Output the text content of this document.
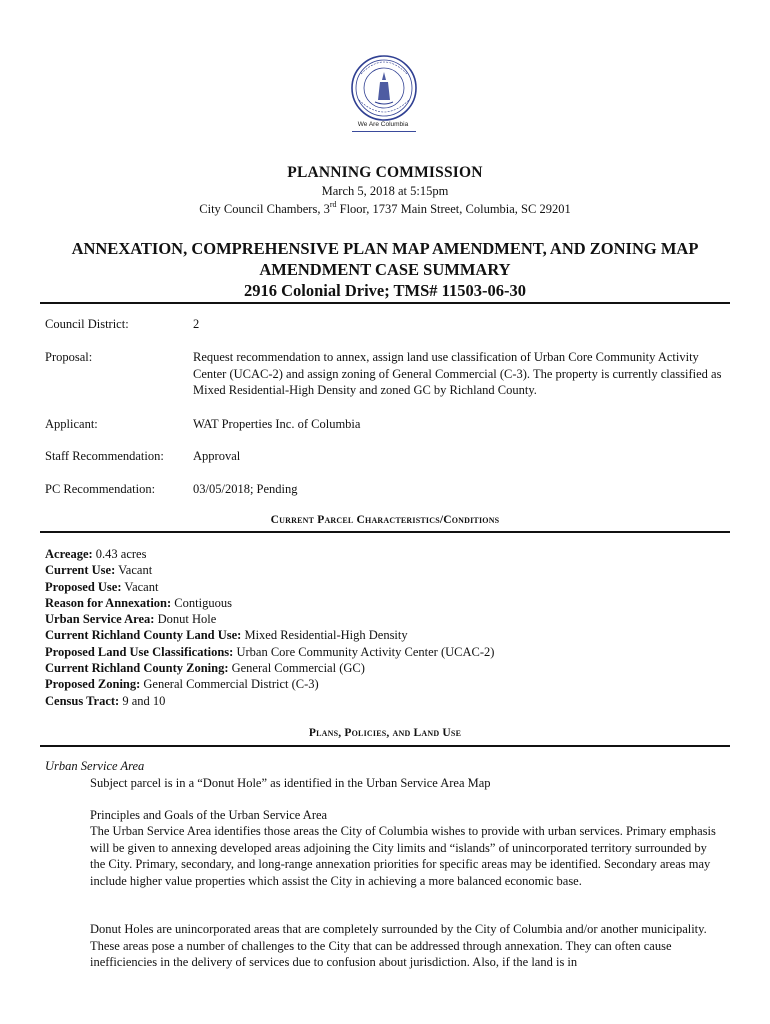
We Are Columbia
PLANNING COMMISSION
March 5, 2018 at 5:15pm
City Council Chambers, 3rd Floor, 1737 Main Street, Columbia, SC 29201
ANNEXATION, COMPREHENSIVE PLAN MAP AMENDMENT, AND ZONING MAP
AMENDMENT CASE SUMMARY
2916 Colonial Drive; TMS# 11503-06-30
Council District:	2
Proposal:	Request recommendation to annex, assign land use classification of Urban Core Community Activity Center (UCAC-2) and assign zoning of General Commercial (C-3). The property is currently classified as Mixed Residential-High Density and zoned GC by Richland County.
Applicant:	WAT Properties Inc. of Columbia
Staff Recommendation: Approval
PC Recommendation:	03/05/2018; Pending
Current Parcel Characteristics/Conditions
Acreage: 0.43 acres
Current Use: Vacant
Proposed Use: Vacant
Reason for Annexation: Contiguous
Urban Service Area: Donut Hole
Current Richland County Land Use: Mixed Residential-High Density
Proposed Land Use Classifications: Urban Core Community Activity Center (UCAC-2)
Current Richland County Zoning: General Commercial (GC)
Proposed Zoning: General Commercial District (C-3)
Census Tract: 9 and 10
Plans, Policies, and Land Use
Urban Service Area
Subject parcel is in a “Donut Hole” as identified in the Urban Service Area Map
Principles and Goals of the Urban Service Area
The Urban Service Area identifies those areas the City of Columbia wishes to provide with urban services. Primary emphasis will be given to annexing developed areas adjoining the City limits and “islands” of unincorporated territory surrounded by the City. Primary, secondary, and long-range annexation priorities for specific areas may be identified. Secondary areas may include higher value properties which assist the City in achieving a more balanced economic base.
Donut Holes are unincorporated areas that are completely surrounded by the City of Columbia and/or another municipality. These areas pose a number of challenges to the City that can be addressed through annexation. They can often cause inefficiencies in the delivery of services due to confusion about jurisdiction. Also, if the land is in
